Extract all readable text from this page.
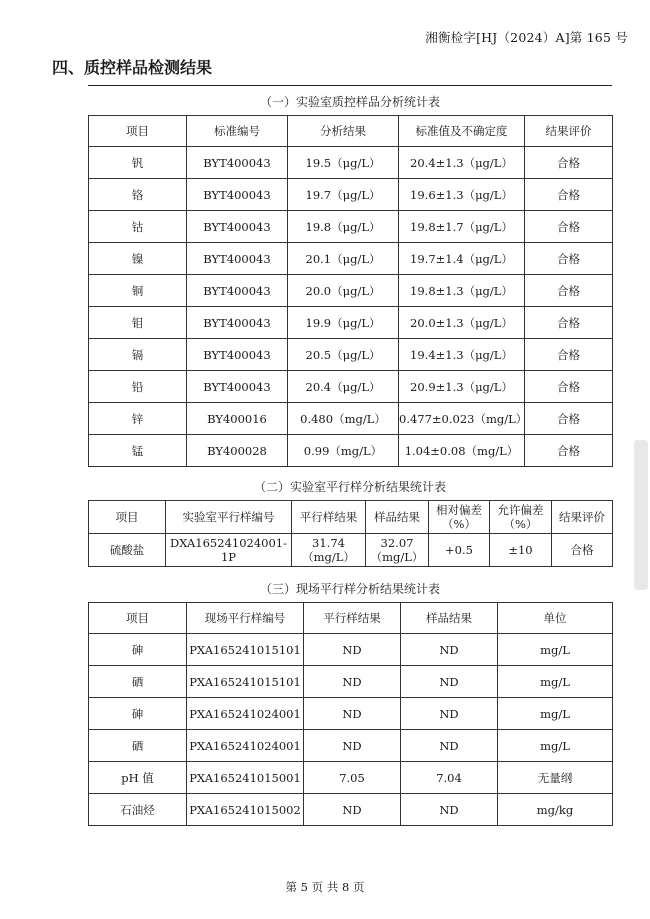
湘衡检字[HJ（2024）A]第 165 号
四、质控样品检测结果
（一）实验室质控样品分析统计表
项目	标准编号	分析结果	标准值及不确定度	结果评价
钒	BYT400043	19.5（μg/L）	20.4±1.3（μg/L）	合格
铬	BYT400043	19.7（μg/L）	19.6±1.3（μg/L）	合格
钴	BYT400043	19.8（μg/L）	19.8±1.7（μg/L）	合格
镍	BYT400043	20.1（μg/L）	19.7±1.4（μg/L）	合格
铜	BYT400043	20.0（μg/L）	19.8±1.3（μg/L）	合格
钼	BYT400043	19.9（μg/L）	20.0±1.3（μg/L）	合格
镉	BYT400043	20.5（μg/L）	19.4±1.3（μg/L）	合格
铅	BYT400043	20.4（μg/L）	20.9±1.3（μg/L）	合格
锌	BY400016	0.480（mg/L）	0.477±0.023（mg/L）	合格
锰	BY400028	0.99（mg/L）	1.04±0.08（mg/L）	合格
（二）实验室平行样分析结果统计表
项目	实验室平行样编号	平行样结果	样品结果	相对偏差（%）	允许偏差（%）	结果评价
硫酸盐	DXA165241024001-1P	31.74（mg/L）	32.07（mg/L）	+0.5	±10	合格
（三）现场平行样分析结果统计表
项目	现场平行样编号	平行样结果	样品结果	单位
砷	PXA165241015101	ND	ND	mg/L
硒	PXA165241015101	ND	ND	mg/L
砷	PXA165241024001	ND	ND	mg/L
硒	PXA165241024001	ND	ND	mg/L
pH 值	PXA165241015001	7.05	7.04	无量纲
石油烃	PXA165241015002	ND	ND	mg/kg
第 5 页 共 8 页
